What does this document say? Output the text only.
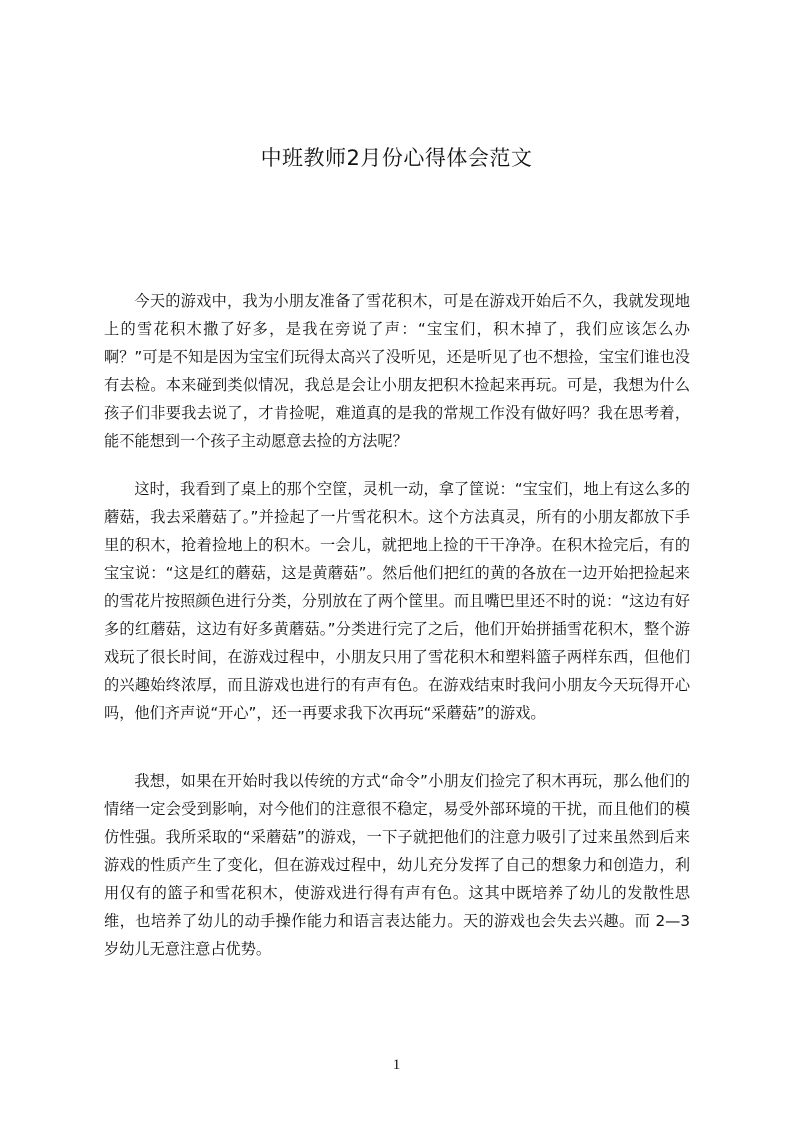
中班教师2月份心得体会范文

今天的游戏中，我为小朋友准备了雪花积木，可是在游戏开始后不久，我就发现地上的雪花积木撒了好多，是我在旁说了声：“宝宝们，积木掉了，我们应该怎么办啊？”可是不知是因为宝宝们玩得太高兴了没听见，还是听见了也不想捡，宝宝们谁也没有去检。本来碰到类似情况，我总是会让小朋友把积木捡起来再玩。可是，我想为什么孩子们非要我去说了，才肯捡呢，难道真的是我的常规工作没有做好吗？我在思考着，能不能想到一个孩子主动愿意去捡的方法呢？

这时，我看到了桌上的那个空筐，灵机一动，拿了筐说：“宝宝们，地上有这么多的蘑菇，我去采蘑菇了。”并捡起了一片雪花积木。这个方法真灵，所有的小朋友都放下手里的积木，抢着捡地上的积木。一会儿，就把地上捡的干干净净。在积木捡完后，有的宝宝说：“这是红的蘑菇，这是黄蘑菇”。然后他们把红的黄的各放在一边开始把捡起来的雪花片按照颜色进行分类，分别放在了两个筐里。而且嘴巴里还不时的说：“这边有好多的红蘑菇，这边有好多黄蘑菇。”分类进行完了之后，他们开始拼插雪花积木，整个游戏玩了很长时间，在游戏过程中，小朋友只用了雪花积木和塑料篮子两样东西，但他们的兴趣始终浓厚，而且游戏也进行的有声有色。在游戏结束时我问小朋友今天玩得开心吗，他们齐声说“开心”，还一再要求我下次再玩“采蘑菇”的游戏。

我想，如果在开始时我以传统的方式“命令”小朋友们捡完了积木再玩，那么他们的情绪一定会受到影响，对今他们的注意很不稳定，易受外部环境的干扰，而且他们的模仿性强。我所采取的“采蘑菇”的游戏，一下子就把他们的注意力吸引了过来虽然到后来游戏的性质产生了变化，但在游戏过程中，幼儿充分发挥了自己的想象力和创造力，利用仅有的篮子和雪花积木，使游戏进行得有声有色。这其中既培养了幼儿的发散性思维，也培养了幼儿的动手操作能力和语言表达能力。天的游戏也会失去兴趣。而 2—3 岁幼儿无意注意占优势。

1
